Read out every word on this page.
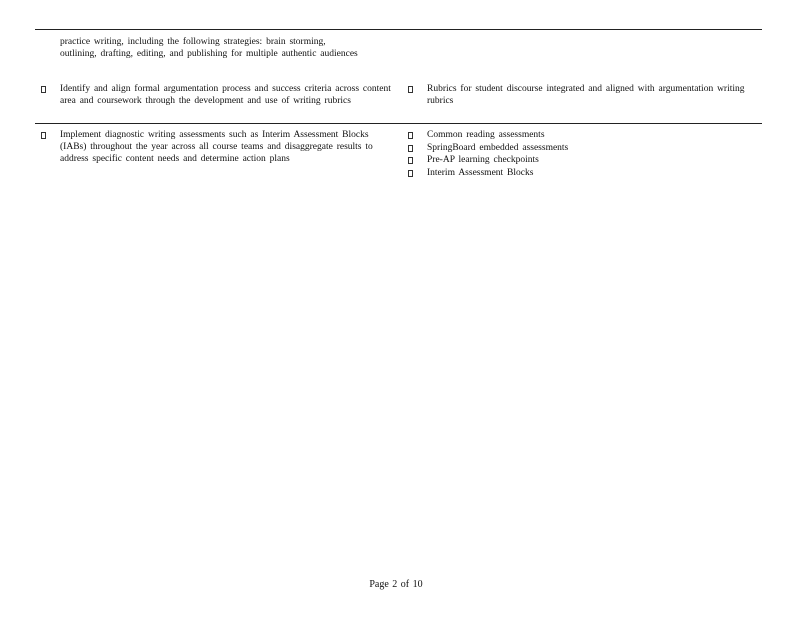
practice writing, including the following strategies: brain storming, outlining, drafting, editing, and publishing for multiple authentic audiences
Identify and align formal argumentation process and success criteria across content area and coursework through the development and use of writing rubrics
Rubrics for student discourse integrated and aligned with argumentation writing rubrics
Implement diagnostic writing assessments such as Interim Assessment Blocks (IABs) throughout the year across all course teams and disaggregate results to address specific content needs and determine action plans
Common reading assessments
SpringBoard embedded assessments
Pre-AP learning checkpoints
Interim Assessment Blocks
Page 2 of 10
